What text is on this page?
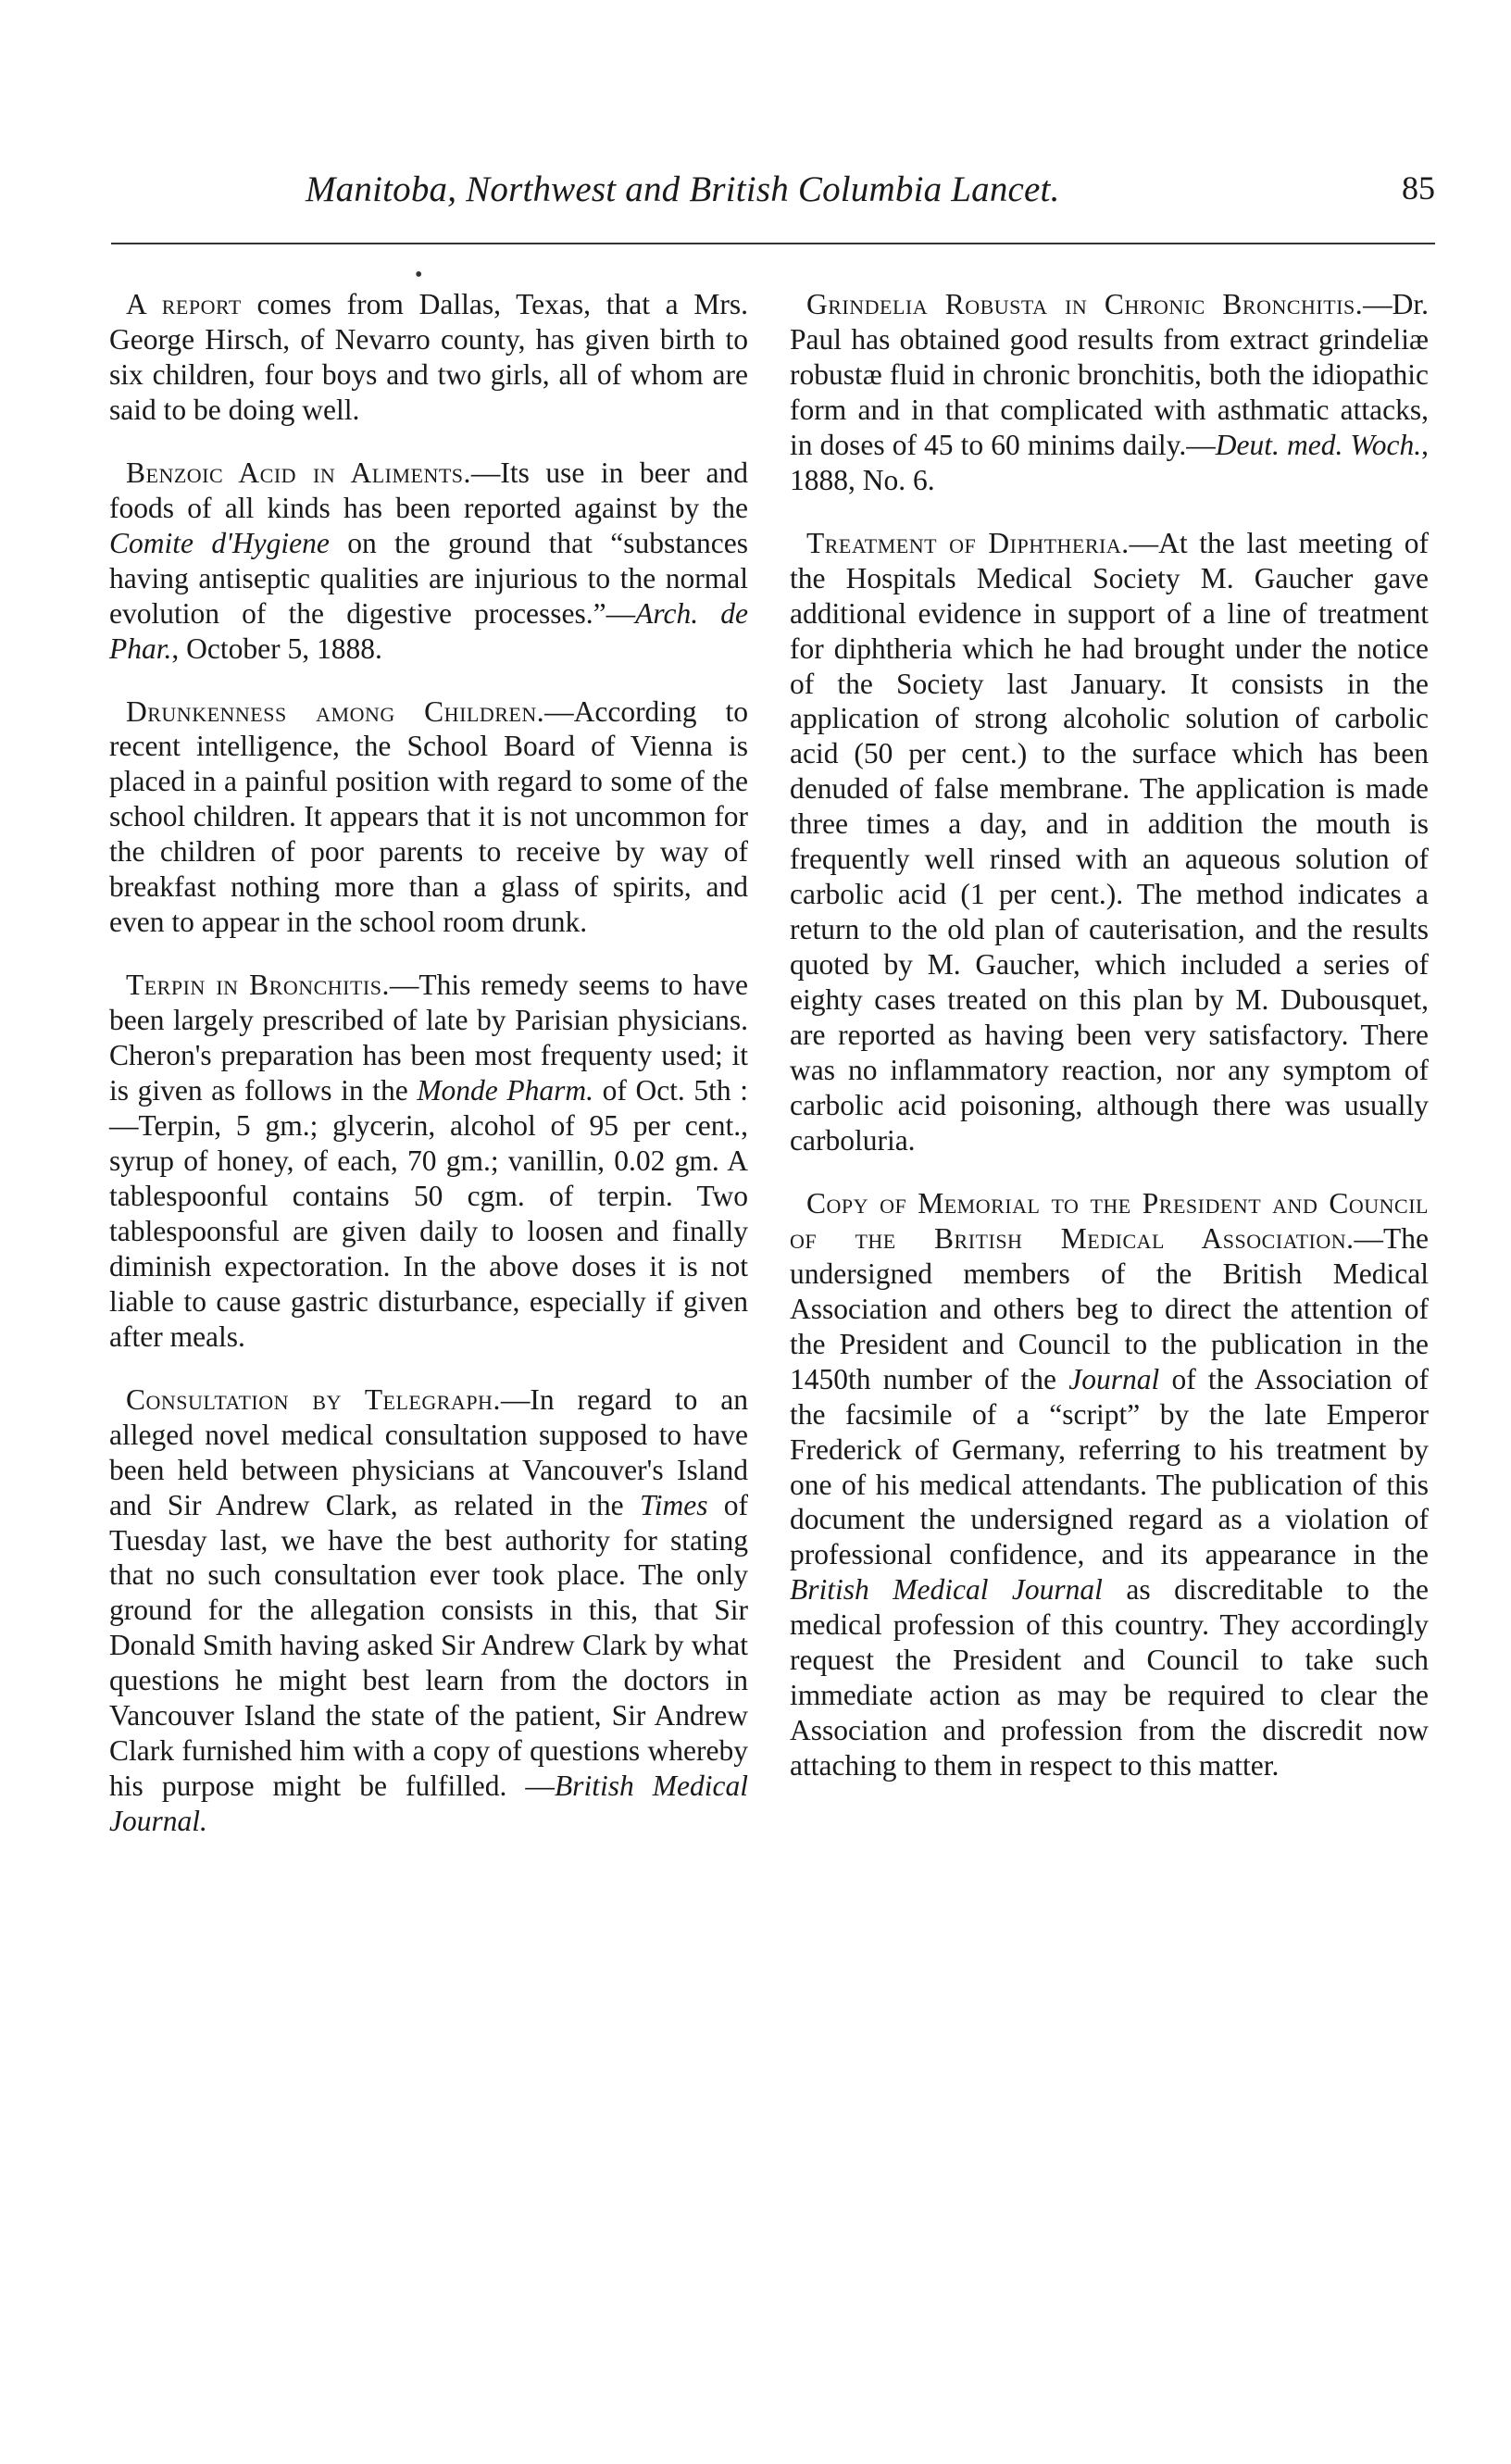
Manitoba, Northwest and British Columbia Lancet.	85
•

A report comes from Dallas, Texas, that a Mrs. George Hirsch, of Nevarro county, has given birth to six children, four boys and two girls, all of whom are said to be doing well.

Benzoic Acid in Aliments.—Its use in beer and foods of all kinds has been reported against by the Comite d'Hygiene on the ground that “substances having antiseptic qualities are injurious to the normal evolution of the digestive processes.”—Arch. de Phar., October 5, 1888.

Drunkenness among Children.—According to recent intelligence, the School Board of Vienna is placed in a painful position with regard to some of the school children. It appears that it is not uncommon for the children of poor parents to receive by way of breakfast nothing more than a glass of spirits, and even to appear in the school room drunk.

Terpin in Bronchitis.—This remedy seems to have been largely prescribed of late by Parisian physicians. Cheron's preparation has been most frequenty used; it is given as follows in the Monde Pharm. of Oct. 5th :—Terpin, 5 gm.; glycerin, alcohol of 95 per cent., syrup of honey, of each, 70 gm.; vanillin, 0.02 gm. A tablespoonful contains 50 cgm. of terpin. Two tablespoonsful are given daily to loosen and finally diminish expectoration. In the above doses it is not liable to cause gastric disturbance, especially if given after meals.

Consultation by Telegraph.—In regard to an alleged novel medical consultation supposed to have been held between physicians at Vancouver's Island and Sir Andrew Clark, as related in the Times of Tuesday last, we have the best authority for stating that no such consultation ever took place. The only ground for the allegation consists in this, that Sir Donald Smith having asked Sir Andrew Clark by what questions he might best learn from the doctors in Vancouver Island the state of the patient, Sir Andrew Clark furnished him with a copy of questions whereby his purpose might be fulfilled. —British Medical Journal.

Grindelia Robusta in Chronic Bronchitis.—Dr. Paul has obtained good results from extract grindeliæ robustæ fluid in chronic bronchitis, both the idiopathic form and in that complicated with asthmatic attacks, in doses of 45 to 60 minims daily.—Deut. med. Woch., 1888, No. 6.

Treatment of Diphtheria.—At the last meeting of the Hospitals Medical Society M. Gaucher gave additional evidence in support of a line of treatment for diphtheria which he had brought under the notice of the Society last January. It consists in the application of strong alcoholic solution of carbolic acid (50 per cent.) to the surface which has been denuded of false membrane. The application is made three times a day, and in addition the mouth is frequently well rinsed with an aqueous solution of carbolic acid (1 per cent.). The method indicates a return to the old plan of cauterisation, and the results quoted by M. Gaucher, which included a series of eighty cases treated on this plan by M. Dubousquet, are reported as having been very satisfactory. There was no inflammatory reaction, nor any symptom of carbolic acid poisoning, although there was usually carboluria.

Copy of Memorial to the President and Council of the British Medical Association.—The undersigned members of the British Medical Association and others beg to direct the attention of the President and Council to the publication in the 1450th number of the Journal of the Association of the facsimile of a “script” by the late Emperor Frederick of Germany, referring to his treatment by one of his medical attendants. The publication of this document the undersigned regard as a violation of professional confidence, and its appearance in the British Medical Journal as discreditable to the medical profession of this country. They accordingly request the President and Council to take such immediate action as may be required to clear the Association and profession from the discredit now attaching to them in respect to this matter.
